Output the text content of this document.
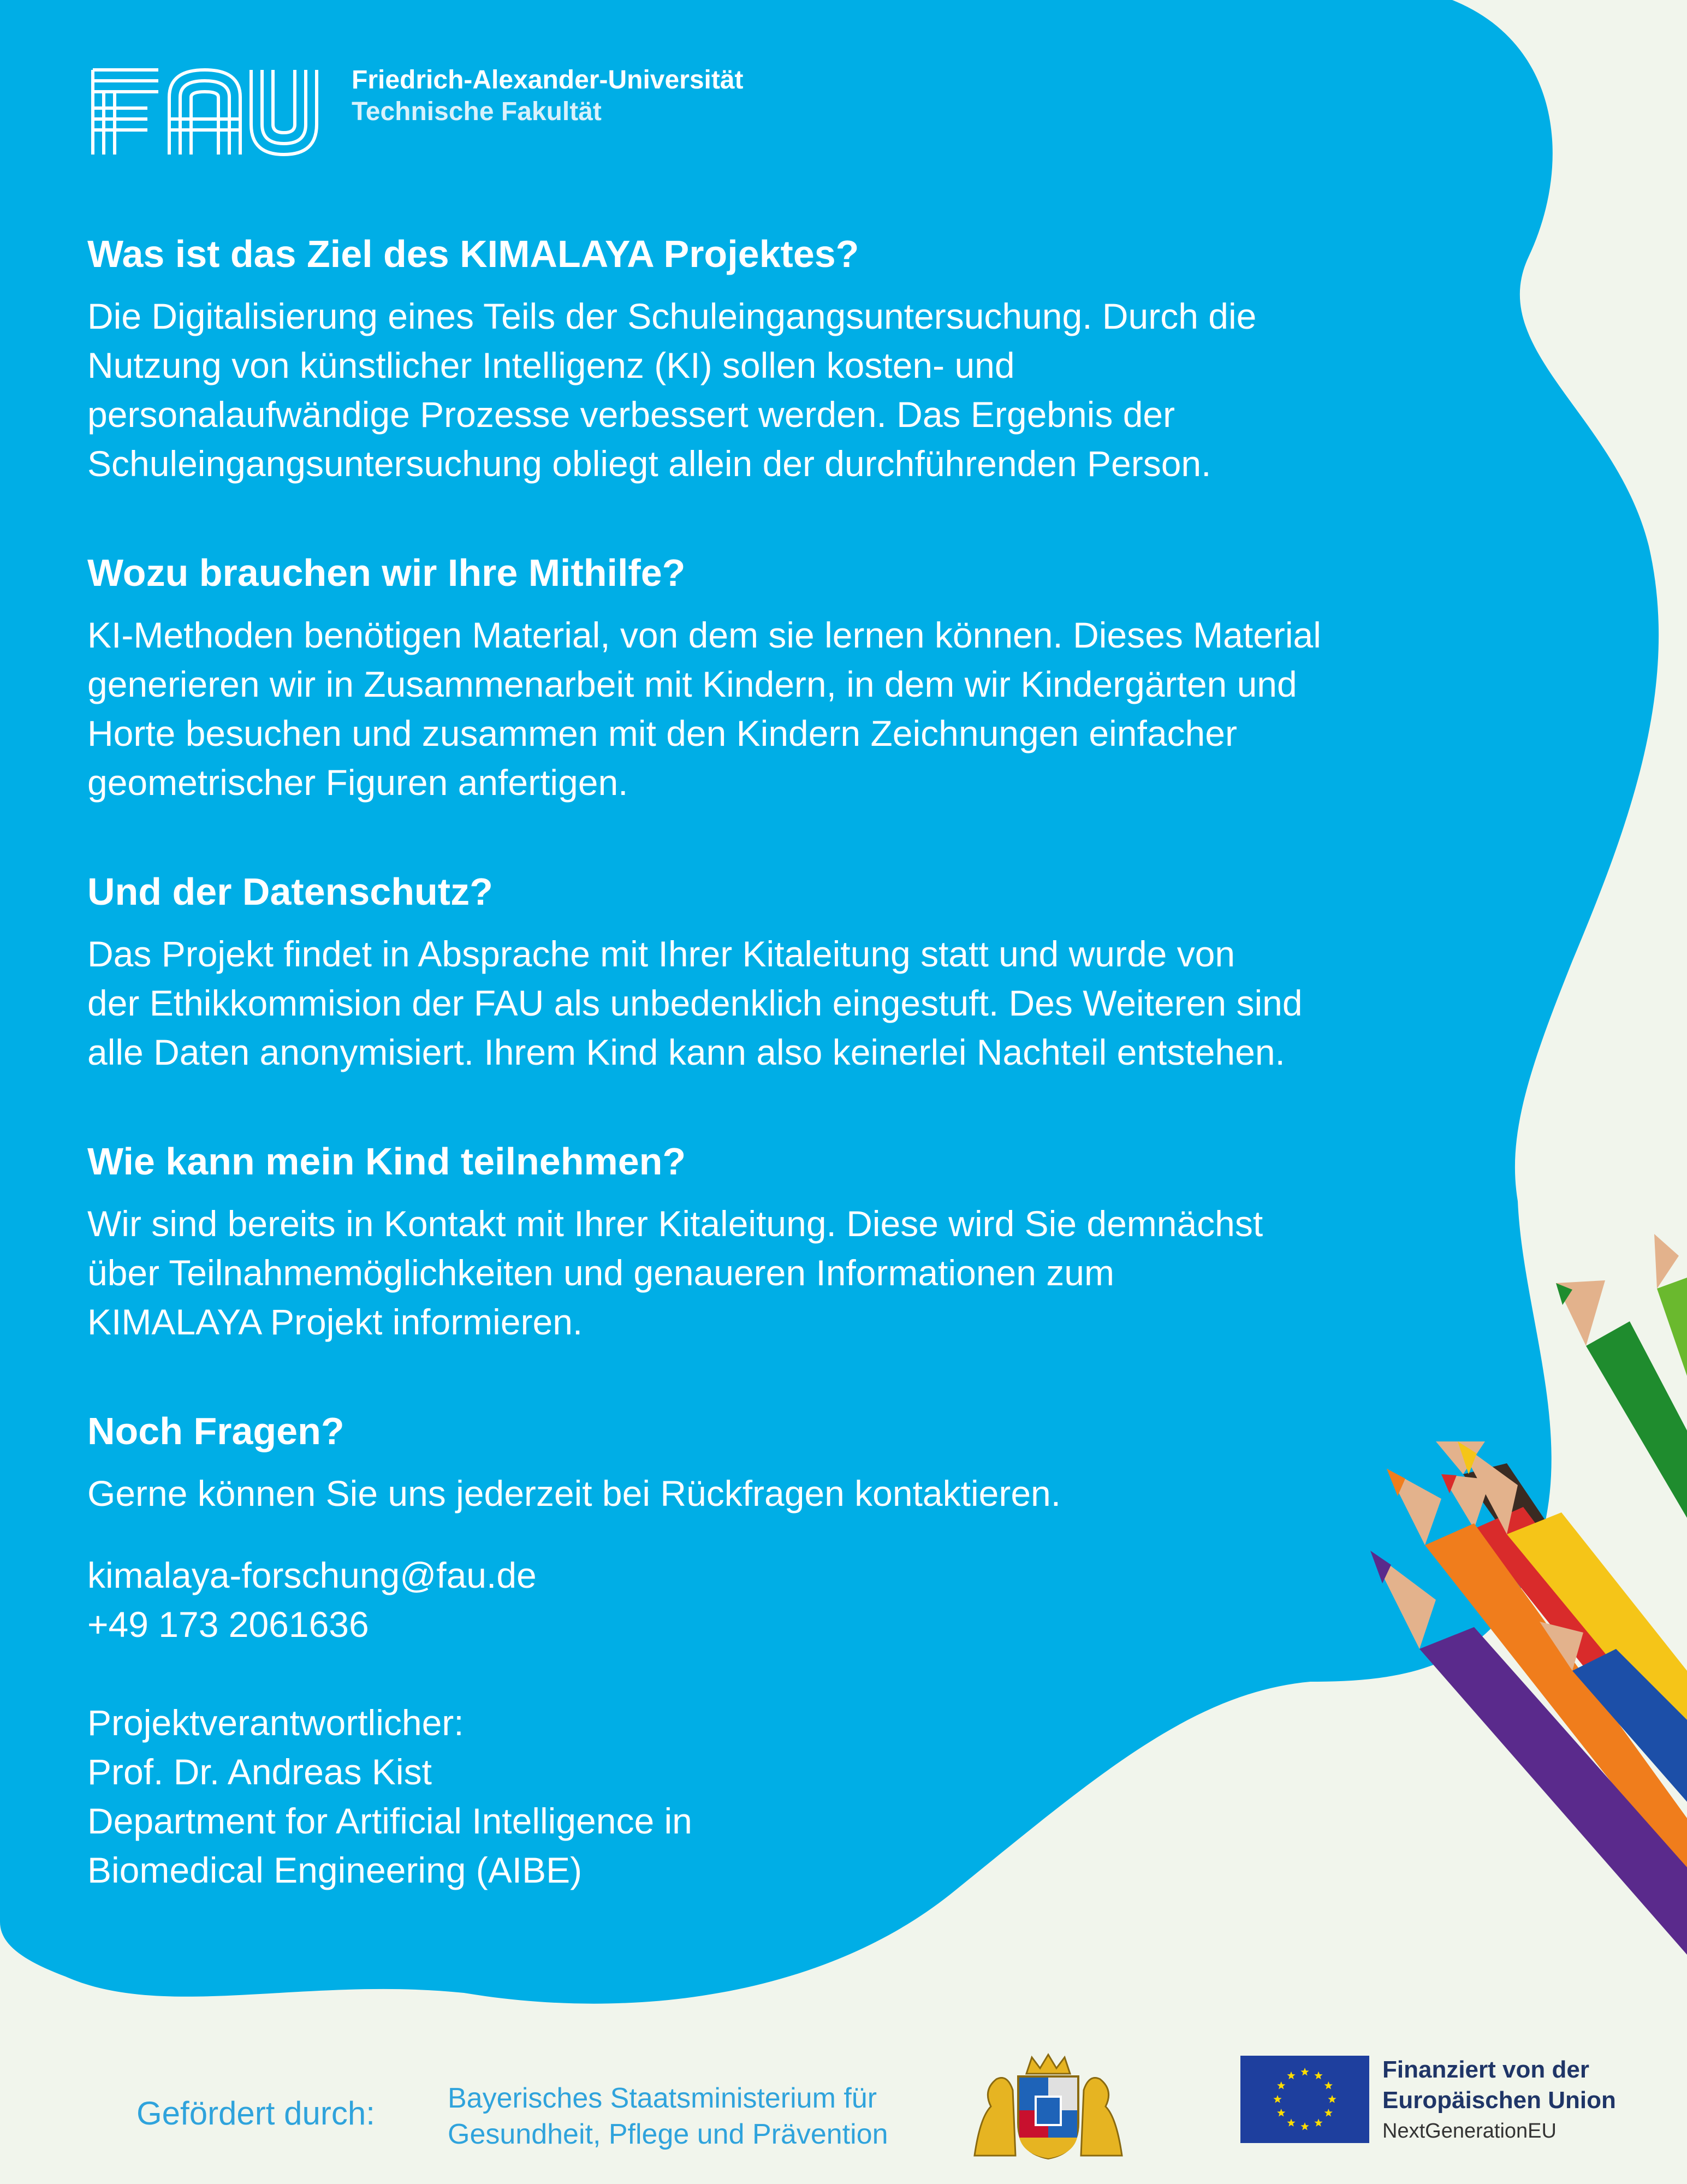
Friedrich-Alexander-Universität
Technische Fakultät
Was ist das Ziel des KIMALAYA Projektes?

Die Digitalisierung eines Teils der Schuleingangsuntersuchung. Durch die
Nutzung von künstlicher Intelligenz (KI) sollen kosten- und
personalaufwändige Prozesse verbessert werden. Das Ergebnis der
Schuleingangsuntersuchung obliegt allein der durchführenden Person.

Wozu brauchen wir Ihre Mithilfe?

KI-Methoden benötigen Material, von dem sie lernen können. Dieses Material
generieren wir in Zusammenarbeit mit Kindern, in dem wir Kindergärten und
Horte besuchen und zusammen mit den Kindern Zeichnungen einfacher
geometrischer Figuren anfertigen.

Und der Datenschutz?

Das Projekt findet in Absprache mit Ihrer Kitaleitung statt und wurde von
der Ethikkommision der FAU als unbedenklich eingestuft. Des Weiteren sind
alle Daten anonymisiert. Ihrem Kind kann also keinerlei Nachteil entstehen.

Wie kann mein Kind teilnehmen?

Wir sind bereits in Kontakt mit Ihrer Kitaleitung. Diese wird Sie demnächst
über Teilnahmemöglichkeiten und genaueren Informationen zum
KIMALAYA Projekt informieren.

Noch Fragen?

Gerne können Sie uns jederzeit bei Rückfragen kontaktieren.

kimalaya-forschung@fau.de

+49 173 2061636

Projektverantwortlicher:

Prof. Dr. Andreas Kist

Department for Artificial Intelligence in

Biomedical Engineering (AIBE)

Gefördert durch:	Bayerisches Staatsministerium für
Gesundheit, Pflege und Prävention
Finanziert von der
Europäischen Union
NextGenerationEU
